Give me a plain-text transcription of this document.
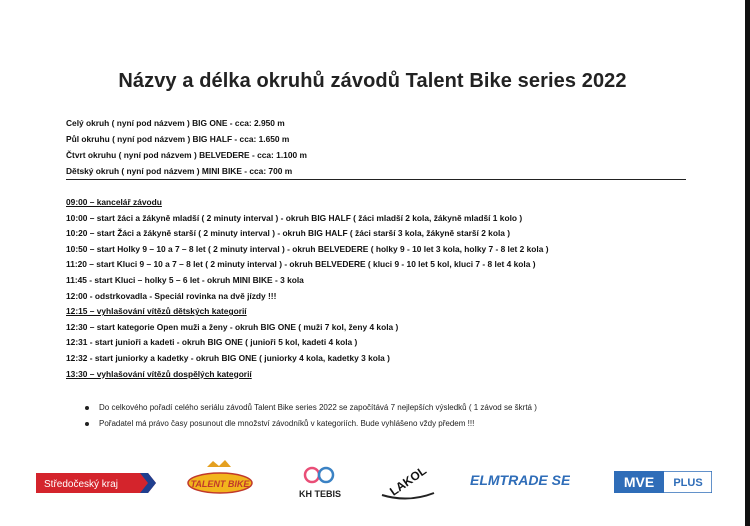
Názvy a délka okruhů závodů Talent Bike series 2022
Celý okruh ( nyní pod názvem ) BIG ONE - cca: 2.950 m
Půl okruhu ( nyní pod názvem ) BIG HALF - cca: 1.650 m
Čtvrt okruhu ( nyní pod názvem ) BELVEDERE - cca: 1.100 m
Dětský okruh ( nyní pod názvem ) MINI BIKE - cca: 700 m
09:00 – kancelář závodu
10:00 – start žáci a žákyně mladší ( 2 minuty interval ) - okruh BIG HALF ( žáci mladší 2 kola, žákyně mladší 1 kolo )
10:20 – start Žáci a žákyně starší ( 2 minuty interval ) - okruh BIG HALF ( žáci starší 3 kola, žákyně starší 2 kola )
10:50 – start Holky 9 – 10 a 7 – 8 let ( 2 minuty interval ) - okruh BELVEDERE ( holky 9 - 10 let 3 kola, holky 7 - 8 let 2 kola )
11:20 – start Kluci 9 – 10 a 7 – 8 let ( 2 minuty interval ) - okruh BELVEDERE ( kluci 9 - 10 let 5 kol, kluci 7 - 8 let 4 kola )
11:45 - start Kluci – holky 5 – 6 let - okruh MINI BIKE - 3 kola
12:00 - odstrkovadla - Speciál rovinka na dvě jízdy !!!
12:15 – vyhlašování vítězů dětských kategorií
12:30 – start kategorie Open muži a ženy - okruh BIG ONE ( muži 7 kol, ženy 4 kola )
12:31 - start junioři a kadeti - okruh BIG ONE ( junioři 5 kol, kadeti 4 kola )
12:32 - start juniorky a kadetky - okruh BIG ONE ( juniorky 4 kola, kadetky 3 kola )
13:30 – vyhlašování vítězů dospělých kategorií
Do celkového pořadí celého seriálu závodů Talent Bike series 2022 se započítává 7 nejlepších výsledků ( 1 závod se škrtá )
Pořadatel má právo časy posunout dle množství závodníků v kategoriích. Bude vyhlášeno vždy předem !!!
Středočeský kraj	TALENT BIKE
KH TEBIS	LAKOL	ELMTRADE SE	MVE PLUS
